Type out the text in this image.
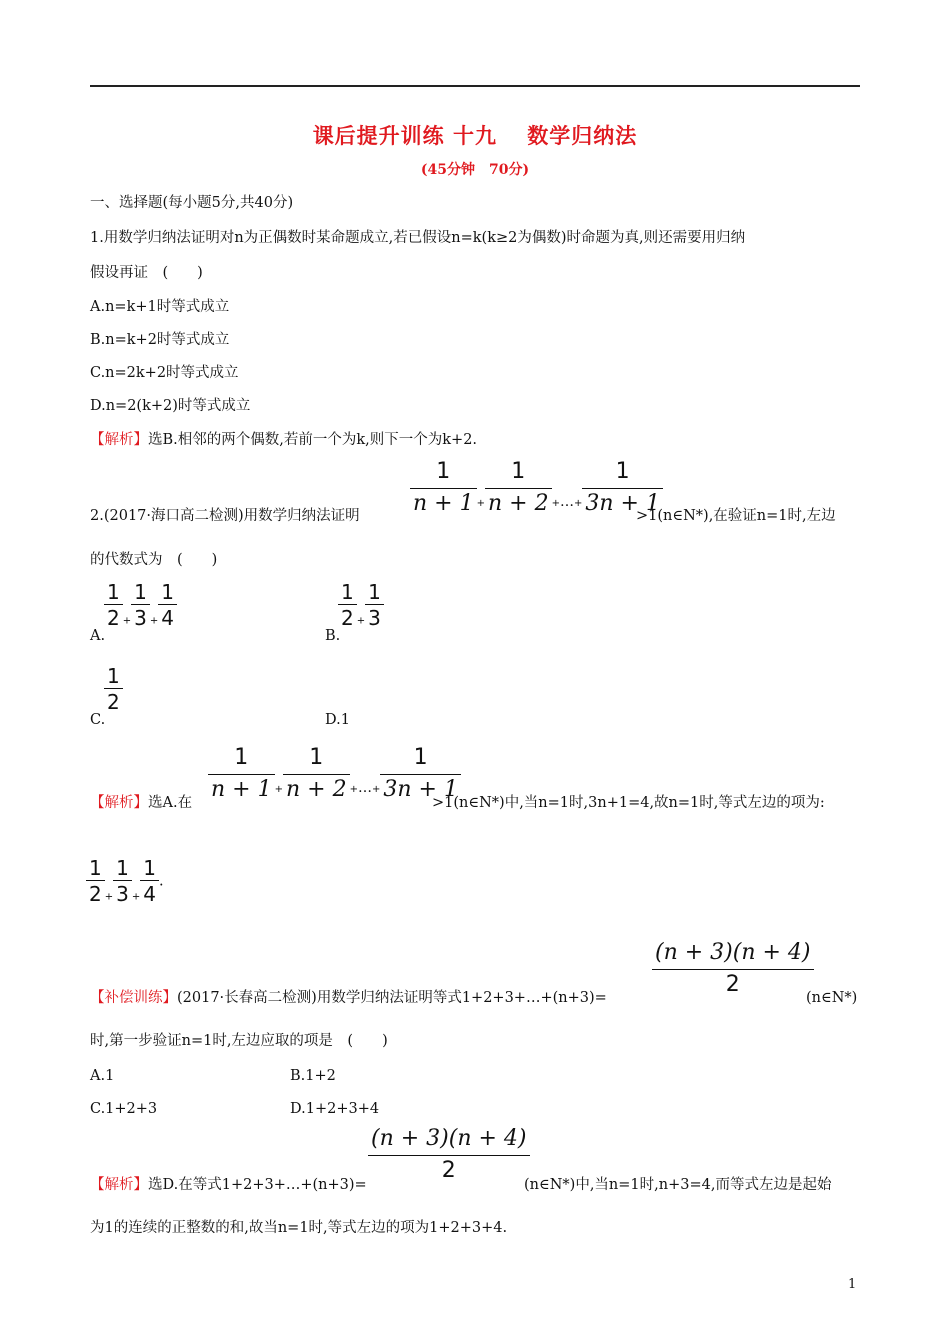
课后提升训练 十九　 数学归纳法
(45分钟　70分)
一、选择题(每小题5分,共40分)
1.用数学归纳法证明对n为正偶数时某命题成立,若已假设n=k(k≥2为偶数)时命题为真,则还需要用归纳
假设再证　(　　)
A.n=k+1时等式成立
B.n=k+2时等式成立
C.n=2k+2时等式成立
D.n=2(k+2)时等式成立
【解析】选B.相邻的两个偶数,若前一个为k,则下一个为k+2.
2.(2017·海口高二检测)用数学归纳法证明 $\frac{1}{n + 1} _+ \frac{1}{n + 2}$ $_+\dots_+ \frac{1}{3n + 1}$
>1(n∈N*),在验证n=1时,左边
的代数式为　(　　)
A.
$\frac{1}{2} _+ \frac{1}{3} _+ \frac{1}{4}$
B.
$\frac{1}{2} _+ \frac{1}{3}$
C.
$\frac{1}{2}$
D.1
【解析】选A.在
$\frac{1}{n + 1} _+ \frac{1}{n + 2}$ $_+\dots_+ \frac{1}{3n + 1}$
>1(n∈N*)中,当n=1时,3n+1=4,故n=1时,等式左边的项为:
$\frac{1}{2} _+ \frac{1}{3} _+ \frac{1}{4}$ .
【补偿训练】(2017·长春高二检测)用数学归纳法证明等式1+2+3+…+(n+3)=
$\frac{(n + 3)(n + 4)}{2}$
(n∈N*)
时,第一步验证n=1时,左边应取的项是　(　　)
A.1	B.1+2
C.1+2+3	D.1+2+3+4
【解析】选D.在等式1+2+3+…+(n+3)=
$\frac{(n + 3)(n + 4)}{2}$
(n∈N*)中,当n=1时,n+3=4,而等式左边是起始
为1的连续的正整数的和,故当n=1时,等式左边的项为1+2+3+4.
1
